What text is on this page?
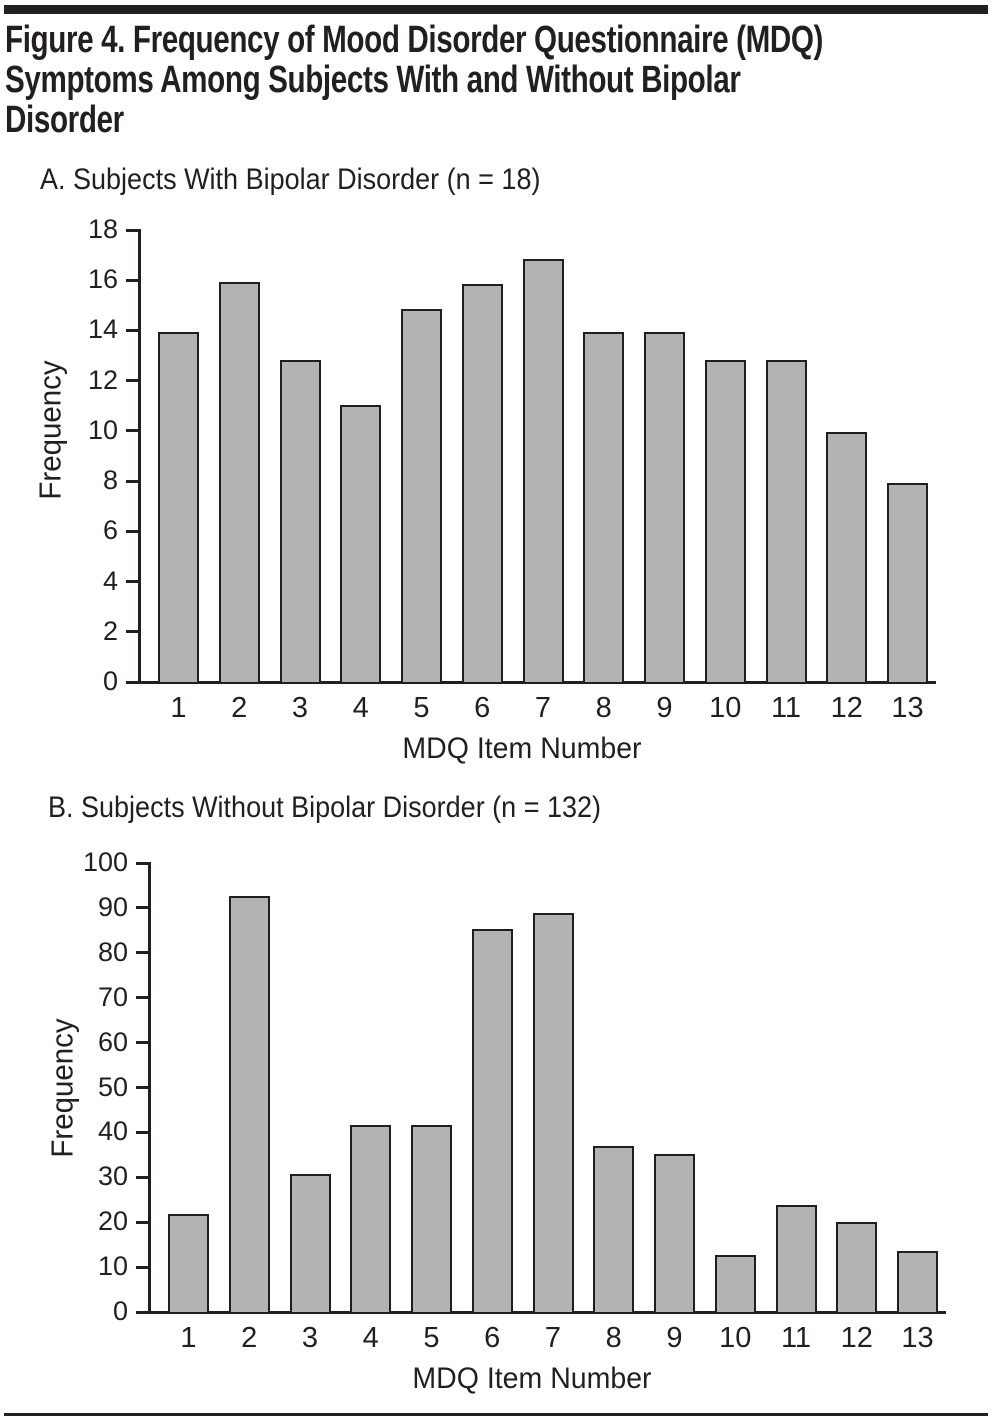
Figure 4. Frequency of Mood Disorder Questionnaire (MDQ)
Symptoms Among Subjects With and Without Bipolar
Disorder
A. Subjects With Bipolar Disorder (n = 18)
0
2
4
6
8
10
12
14
16
18
1	2	3	4	5	6	7	8	9	10	11	12 13
MDQ Item Number
Frequency
B. Subjects Without Bipolar Disorder (n = 132)
0
10
20
30
40
50
60
70
80
90
100
1	2	3	4	5	6	7	8	9	10	11	12 13
MDQ Item Number
Frequency
